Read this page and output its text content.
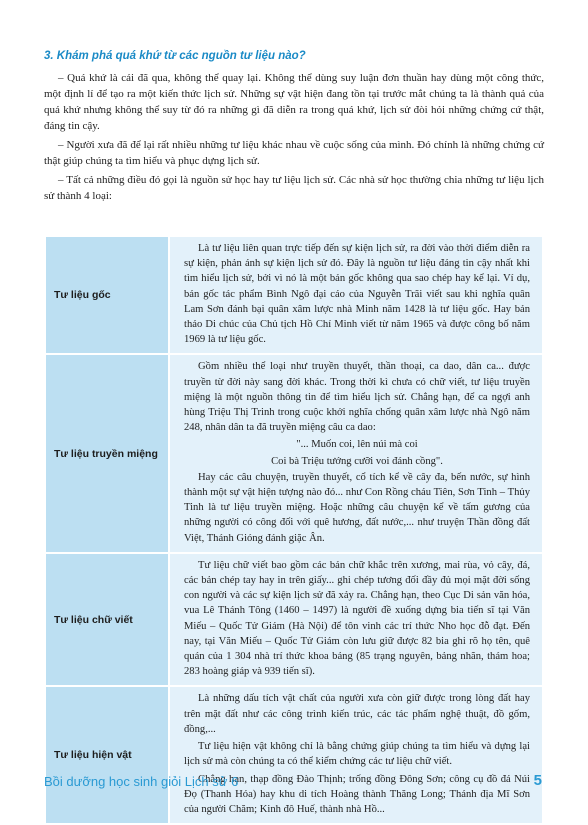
3. Khám phá quá khứ từ các nguồn tư liệu nào?

– Quá khứ là cái đã qua, không thể quay lại. Không thể dùng suy luận đơn thuần hay dùng một công thức, một định lí để tạo ra một kiến thức lịch sử. Những sự vật hiện đang tồn tại trước mắt chúng ta là thành quả của quá khứ nhưng không thể suy từ đó ra những gì đã diễn ra trong quá khứ, lịch sử đòi hỏi những chứng cứ thật, đáng tin cậy.

– Người xưa đã để lại rất nhiều những tư liệu khác nhau về cuộc sống của mình. Đó chính là những chứng cứ thật giúp chúng ta tìm hiểu và phục dựng lịch sử.

– Tất cả những điều đó gọi là nguồn sử học hay tư liệu lịch sử. Các nhà sử học thường chia những tư liệu lịch sử thành 4 loại:

Tư liệu gốc	Là tư liệu liên quan trực tiếp đến sự kiện lịch sử, ra đời vào thời điểm diễn ra sự kiện, phản ánh sự kiện lịch sử đó. Đây là nguồn tư liệu đáng tin cậy nhất khi tìm hiểu lịch sử, bởi vì nó là một bản gốc không qua sao chép hay kể lại. Ví dụ, bản gốc tác phẩm Bình Ngô đại cáo của Nguyễn Trãi viết sau khi nghĩa quân Lam Sơn đánh bại quân xâm lược nhà Minh năm 1428 là tư liệu gốc. Hay bản thảo Di chúc của Chủ tịch Hồ Chí Minh viết từ năm 1965 và được công bố năm 1969 là tư liệu gốc.

Tư liệu truyền miệng	Gồm nhiều thể loại như truyền thuyết, thần thoại, ca dao, dân ca... được truyền từ đời này sang đời khác. Trong thời kì chưa có chữ viết, tư liệu truyền miệng là một nguồn thông tin để tìm hiểu lịch sử. Chẳng hạn, để ca ngợi anh hùng Triệu Thị Trinh trong cuộc khởi nghĩa chống quân xâm lược nhà Ngô năm 248, nhân dân ta đã truyền miệng câu ca dao:

"... Muốn coi, lên núi mà coi

Coi bà Triệu tướng cưỡi voi đánh cồng".

Hay các câu chuyện, truyền thuyết, cổ tích kể về cây đa, bến nước, sự hình thành một sự vật hiện tượng nào đó... như Con Rồng cháu Tiên, Sơn Tinh – Thủy Tinh là tư liệu truyền miệng. Hoặc những câu chuyện kể về tấm gương của những người có công đối với quê hương, đất nước,... như truyện Thần đồng đất Việt, Thánh Gióng đánh giặc Ân.

Tư liệu chữ viết	Tư liệu chữ viết bao gồm các bản chữ khắc trên xương, mai rùa, vỏ cây, đá, các bản chép tay hay in trên giấy... ghi chép tương đối đầy đủ mọi mặt đời sống con người và các sự kiện lịch sử đã xảy ra. Chẳng hạn, theo Cục Di sản văn hóa, vua Lê Thánh Tông (1460 – 1497) là người đề xuống dựng bia tiến sĩ tại Văn Miếu – Quốc Tử Giám (Hà Nội) để tôn vinh các trí thức Nho học đỗ đạt. Đến nay, tại Văn Miếu – Quốc Tử Giám còn lưu giữ được 82 bia ghi rõ họ tên, quê quán của 1 304 nhà trí thức khoa bảng (85 trạng nguyên, bảng nhãn, thám hoa; 283 hoàng giáp và 939 tiến sĩ).

Tư liệu hiện vật	Là những dấu tích vật chất của người xưa còn giữ được trong lòng đất hay trên mặt đất như các công trình kiến trúc, các tác phẩm nghệ thuật, đồ gốm, đồng,...

Tư liệu hiện vật không chỉ là bằng chứng giúp chúng ta tìm hiểu và dựng lại lịch sử mà còn chúng ta có thể kiểm chứng các tư liệu chữ viết.

Chẳng hạn, thạp đồng Đào Thịnh; trống đồng Đông Sơn; công cụ đồ đá Núi Đọ (Thanh Hóa) hay khu di tích Hoàng thành Thăng Long; Thánh địa Mĩ Sơn của người Chăm; Kinh đô Huế, thành nhà Hồ...

Bồi dưỡng học sinh giỏi Lịch sử 6	5
